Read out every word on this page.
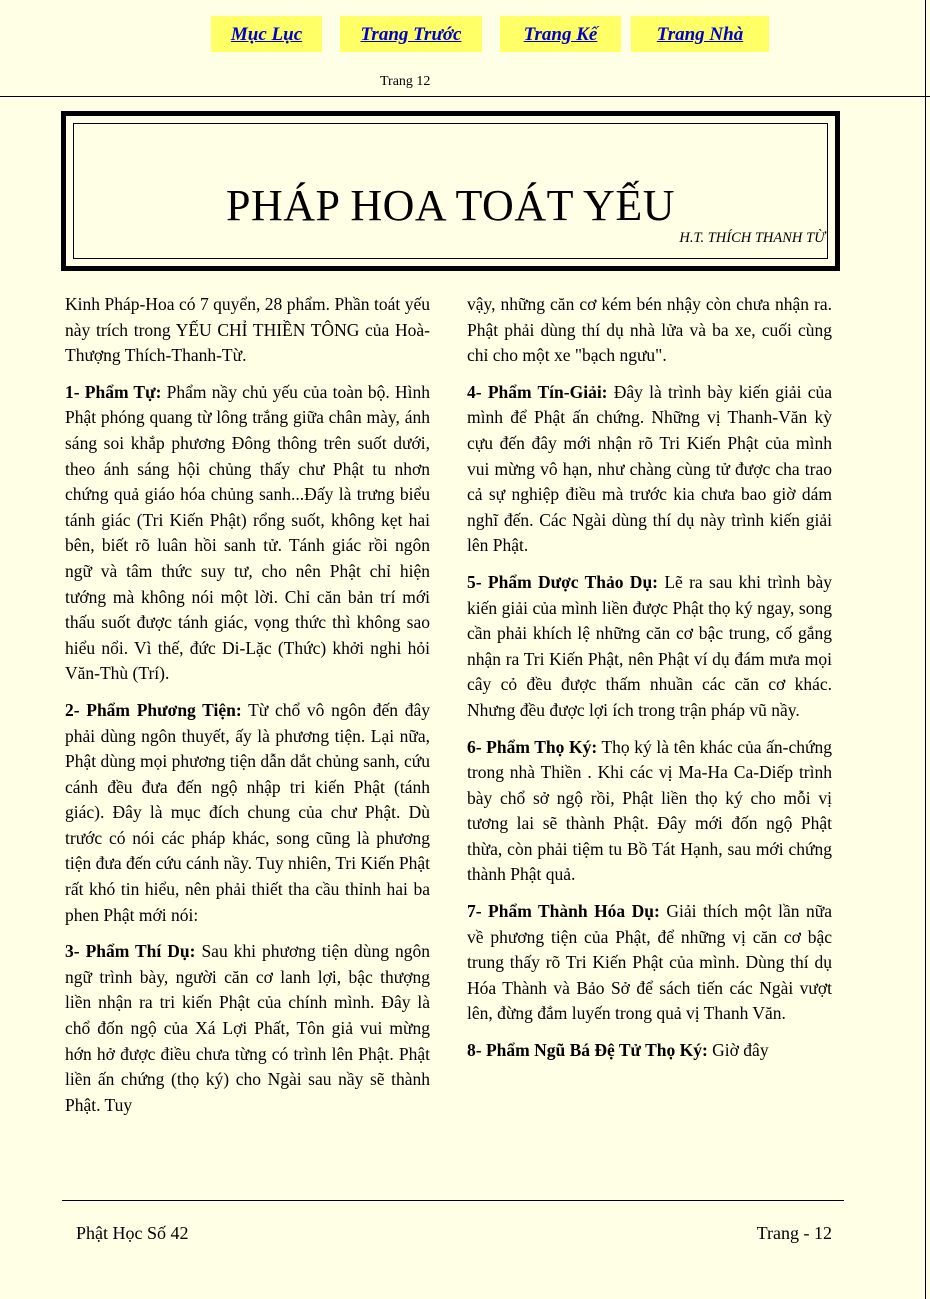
Mục Lục	Trang Trước	Trang Kế	Trang Nhà
Trang 12
PHÁP HOA TOÁT YẾU
H.T. THÍCH THANH TỪ

Kinh Pháp-Hoa có 7 quyển, 28 phẩm. Phần toát yếu này trích trong YẾU CHỈ THIỀN TÔNG của Hoà-Thượng Thích-Thanh-Từ.

1- Phẩm Tự: Phẩm nầy chủ yếu của toàn bộ. Hình Phật phóng quang từ lông trắng giữa chân mày, ánh sáng soi khắp phương Đông thông trên suốt dưới, theo ánh sáng hội chủng thấy chư Phật tu nhơn chứng quả giáo hóa chủng sanh...Đấy là trưng biểu tánh giác (Tri Kiến Phật) rổng suốt, không kẹt hai bên, biết rõ luân hồi sanh tử. Tánh giác rồi ngôn ngữ và tâm thức suy tư, cho nên Phật chỉ hiện tướng mà không nói một lời. Chỉ căn bản trí mới thấu suốt được tánh giác, vọng thức thì không sao hiểu nổi. Vì thế, đức Di-Lặc (Thức) khởi nghi hỏi Văn-Thù (Trí).

2- Phẩm Phương Tiện: Từ chổ vô ngôn đến đây phải dùng ngôn thuyết, ấy là phương tiện. Lại nữa, Phật dùng mọi phương tiện dẫn dắt chủng sanh, cứu cánh đều đưa đến ngộ nhập tri kiến Phật (tánh giác). Đây là mục đích chung của chư Phật. Dù trước có nói các pháp khác, song cũng là phương tiện đưa đến cứu cánh nầy. Tuy nhiên, Tri Kiến Phật rất khó tin hiểu, nên phải thiết tha cầu thỉnh hai ba phen Phật mới nói:

3- Phẩm Thí Dụ: Sau khi phương tiện dùng ngôn ngữ trình bày, người căn cơ lanh lợi, bậc thượng liền nhận ra tri kiến Phật của chính mình. Đây là chổ đốn ngộ của Xá Lợi Phất, Tôn giả vui mừng hớn hở được điều chưa từng có trình lên Phật. Phật liền ấn chứng (thọ ký) cho Ngài sau nầy sẽ thành Phật. Tuy

vậy, những căn cơ kém bén nhậy còn chưa nhận ra. Phật phải dùng thí dụ nhà lửa và ba xe, cuối cùng chỉ cho một xe "bạch ngưu".

4- Phẩm Tín-Giải: Đây là trình bày kiến giải của mình để Phật ấn chứng. Những vị Thanh-Văn kỳ cựu đến đây mới nhận rõ Tri Kiến Phật của mình vui mừng vô hạn, như chàng cùng tử được cha trao cả sự nghiệp điều mà trước kia chưa bao giờ dám nghĩ đến. Các Ngài dùng thí dụ này trình kiến giải lên Phật.

5- Phẩm Dược Thảo Dụ: Lẽ ra sau khi trình bày kiến giải của mình liền được Phật thọ ký ngay, song cần phải khích lệ những căn cơ bậc trung, cố gắng nhận ra Tri Kiến Phật, nên Phật ví dụ đám mưa mọi cây cỏ đều được thấm nhuần các căn cơ khác. Nhưng đều được lợi ích trong trận pháp vũ nầy.

6- Phẩm Thọ Ký: Thọ ký là tên khác của ấn-chứng trong nhà Thiền . Khi các vị Ma-Ha Ca-Diếp trình bày chổ sở ngộ rồi, Phật liền thọ ký cho mỗi vị tương lai sẽ thành Phật. Đây mới đốn ngộ Phật thừa, còn phải tiệm tu Bồ Tát Hạnh, sau mới chứng thành Phật quả.

7- Phẩm Thành Hóa Dụ: Giải thích một lần nữa về phương tiện của Phật, để những vị căn cơ bậc trung thấy rõ Tri Kiến Phật của mình. Dùng thí dụ Hóa Thành và Bảo Sở để sách tiến các Ngài vượt lên, đừng đắm luyến trong quả vị Thanh Văn.

8- Phẩm Ngũ Bá Đệ Tử Thọ Ký: Giờ đây

Phật Học Số 42	Trang - 12
